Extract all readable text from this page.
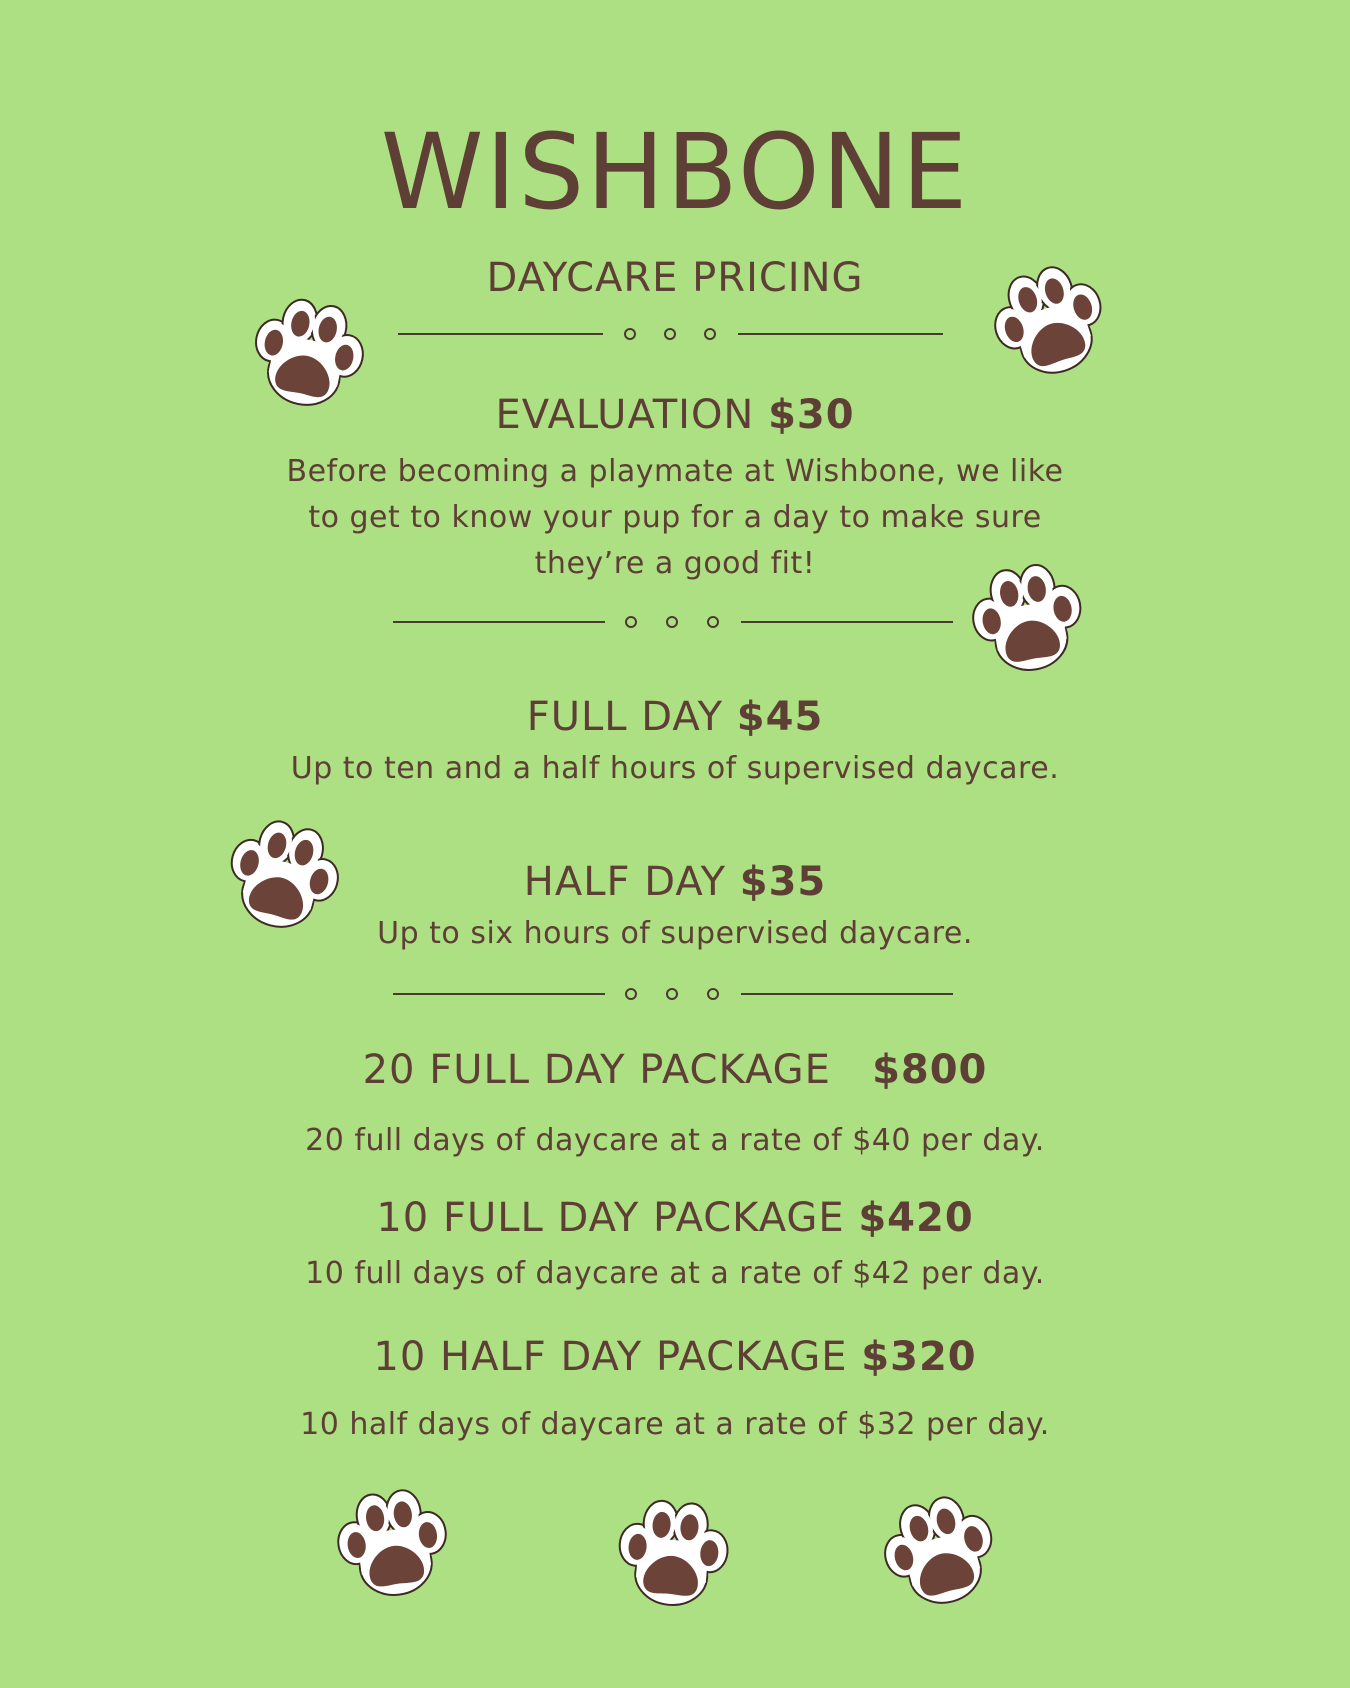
WISHBONE
DAYCARE PRICING
EVALUATION $30
Before becoming a playmate at Wishbone, we like
to get to know your pup for a day to make sure
they’re a good fit!
FULL DAY $45
Up to ten and a half hours of supervised daycare.
HALF DAY $35
Up to six hours of supervised daycare.
20 FULL DAY PACKAGE $800
20 full days of daycare at a rate of $40 per day.
10 FULL DAY PACKAGE $420
10 full days of daycare at a rate of $42 per day.
10 HALF DAY PACKAGE $320
10 half days of daycare at a rate of $32 per day.
